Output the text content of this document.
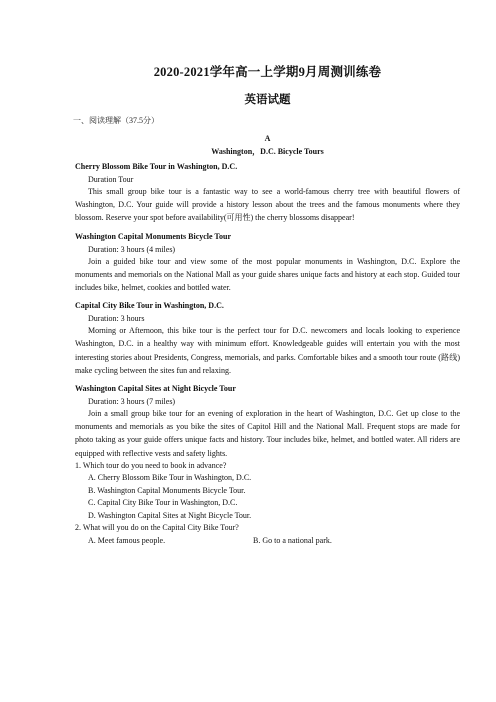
2020-2021学年高一上学期9月周测训练卷
英语试题
一、阅读理解（37.5分）
A
Washington，D.C. Bicycle Tours
Cherry Blossom Bike Tour in Washington, D.C.
Duration Tour

This small group bike tour is a fantastic way to see a world-famous cherry tree with beautiful flowers of Washington, D.C. Your guide will provide a history lesson about the trees and the famous monuments where they blossom. Reserve your spot before availability(可用性) the cherry blossoms disappear!

Washington Capital Monuments Bicycle Tour
Duration: 3 hours (4 miles)

Join a guided bike tour and view some of the most popular monuments in Washington, D.C. Explore the monuments and memorials on the National Mall as your guide shares unique facts and history at each stop. Guided tour includes bike, helmet, cookies and bottled water.

Capital City Bike Tour in Washington, D.C.
Duration: 3 hours

Morning or Afternoon, this bike tour is the perfect tour for D.C. newcomers and locals looking to experience Washington, D.C. in a healthy way with minimum effort. Knowledgeable guides will entertain you with the most interesting stories about Presidents, Congress, memorials, and parks. Comfortable bikes and a smooth tour route (路线) make cycling between the sites fun and relaxing.

Washington Capital Sites at Night Bicycle Tour
Duration: 3 hours (7 miles)

Join a small group bike tour for an evening of exploration in the heart of Washington, D.C. Get up close to the monuments and memorials as you bike the sites of Capitol Hill and the National Mall. Frequent stops are made for photo taking as your guide offers unique facts and history. Tour includes bike, helmet, and bottled water. All riders are equipped with reflective vests and safety lights.

1. Which tour do you need to book in advance?
A. Cherry Blossom Bike Tour in Washington, D.C.
B. Washington Capital Monuments Bicycle Tour.
C. Capital City Bike Tour in Washington, D.C.
D. Washington Capital Sites at Night Bicycle Tour.
2. What will you do on the Capital City Bike Tour?
A. Meet famous people.	B. Go to a national park.
